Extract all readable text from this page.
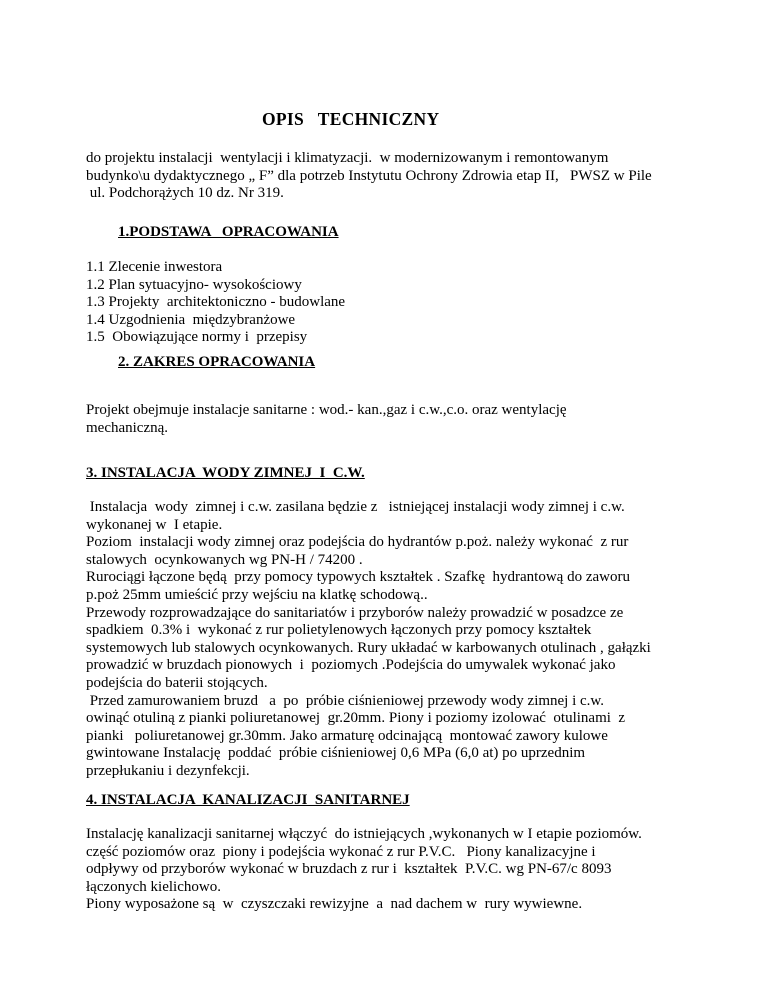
OPIS   TECHNICZNY
do projektu instalacji  wentylacji i klimatyzacji.  w modernizowanym i remontowanym
budynko\u dydaktycznego „ F” dla potrzeb Instytutu Ochrony Zdrowia etap II,   PWSZ w Pile
ul. Podchorążych 10 dz. Nr 319.
1.PODSTAWA   OPRACOWANIA
1.1 Zlecenie inwestora
1.2 Plan sytuacyjno- wysokościowy
1.3 Projekty  architektoniczno - budowlane
1.4 Uzgodnienia  międzybranżowe
1.5  Obowiązujące normy i  przepisy
2. ZAKRES OPRACOWANIA
Projekt obejmuje instalacje sanitarne : wod.- kan.,gaz i c.w.,c.o. oraz wentylację
mechaniczną.
3. INSTALACJA  WODY ZIMNEJ  I  C.W.
Instalacja  wody  zimnej i c.w. zasilana będzie z   istniejącej instalacji wody zimnej i c.w.
wykonanej w  I etapie.
Poziom  instalacji wody zimnej oraz podejścia do hydrantów p.poż. należy wykonać  z rur
stalowych  ocynkowanych wg PN-H / 74200 .
Rurociągi łączone będą  przy pomocy typowych kształtek . Szafkę  hydrantową do zaworu
p.poż 25mm umieścić przy wejściu na klatkę schodową..
Przewody rozprowadzające do sanitariatów i przyborów należy prowadzić w posadzce ze
spadkiem  0.3% i  wykonać z rur polietylenowych łączonych przy pomocy kształtek
systemowych lub stalowych ocynkowanych. Rury układać w karbowanych otulinach , gałązki
prowadzić w bruzdach pionowych  i  poziomych .Podejścia do umywalek wykonać jako
podejścia do baterii stojących.
Przed zamurowaniem bruzd   a  po  próbie ciśnieniowej przewody wody zimnej i c.w.
owinąć otuliną z pianki poliuretanowej  gr.20mm. Piony i poziomy izolować  otulinami  z
pianki   poliuretanowej gr.30mm. Jako armaturę odcinającą  montować zawory kulowe
gwintowane Instalację  poddać  próbie ciśnieniowej 0,6 MPa (6,0 at) po uprzednim
przepłukaniu i dezynfekcji.
4. INSTALACJA  KANALIZACJI  SANITARNEJ
Instalację kanalizacji sanitarnej włączyć  do istniejących ,wykonanych w I etapie poziomów.
część poziomów oraz  piony i podejścia wykonać z rur P.V.C.   Piony kanalizacyjne i
odpływy od przyborów wykonać w bruzdach z rur i  kształtek  P.V.C. wg PN-67/c 8093
łączonych kielichowo.
Piony wyposażone są  w  czyszczaki rewizyjne  a  nad dachem w  rury wywiewne.
